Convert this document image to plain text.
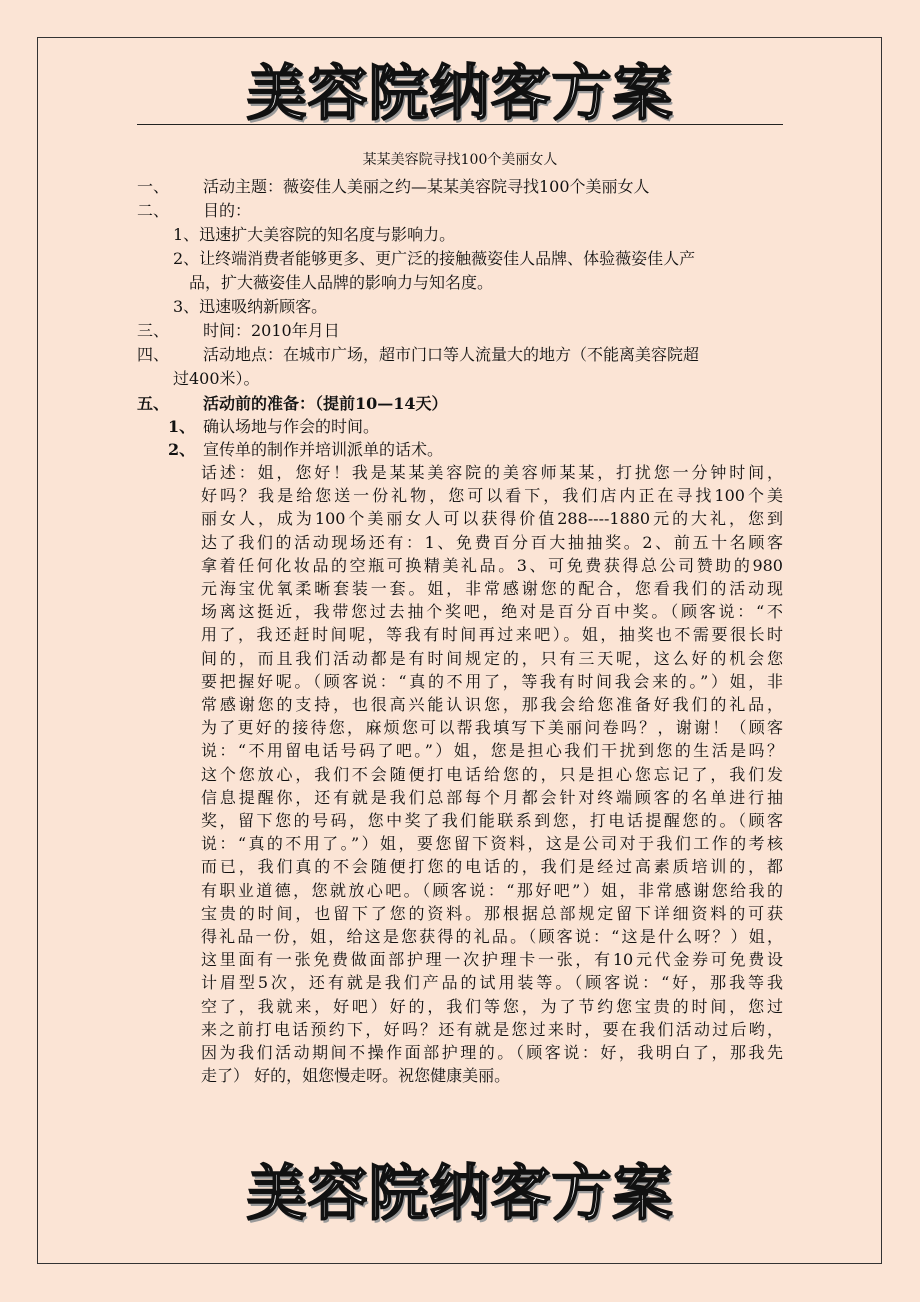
美容院纳客方案
某某美容院寻找100个美丽女人
一、 活动主题：薇姿佳人美丽之约—某某美容院寻找100个美丽女人
二、 目的：
1、迅速扩大美容院的知名度与影响力。
2、让终端消费者能够更多、更广泛的接触薇姿佳人品牌、体验薇姿佳人产
品，扩大薇姿佳人品牌的影响力与知名度。
3、迅速吸纳新顾客。
三、 时间：2010年月日
四、 活动地点：在城市广场，超市门口等人流量大的地方（不能离美容院超
过400米）。
五、 活动前的准备：（提前10—14天）
1、 确认场地与作会的时间。
2、 宣传单的制作并培训派单的话术。
话述：姐，您好！我是某某美容院的美容师某某，打扰您一分钟时间，
好吗？我是给您送一份礼物，您可以看下，我们店内正在寻找100个美
丽女人，成为100个美丽女人可以获得价值288----1880元的大礼，您到
达了我们的活动现场还有：1、免费百分百大抽抽奖。2、前五十名顾客
拿着任何化妆品的空瓶可换精美礼品。3、可免费获得总公司赞助的980
元海宝优氧柔晰套装一套。姐，非常感谢您的配合，您看我们的活动现
场离这挺近，我带您过去抽个奖吧，绝对是百分百中奖。（顾客说：“不
用了，我还赶时间呢，等我有时间再过来吧）。姐，抽奖也不需要很长时
间的，而且我们活动都是有时间规定的，只有三天呢，这么好的机会您
要把握好呢。（顾客说：“真的不用了，等我有时间我会来的。”）姐，非
常感谢您的支持，也很高兴能认识您，那我会给您准备好我们的礼品，
为了更好的接待您，麻烦您可以帮我填写下美丽问卷吗？，谢谢！（顾客
说：“不用留电话号码了吧。”）姐，您是担心我们干扰到您的生活是吗？
这个您放心，我们不会随便打电话给您的，只是担心您忘记了，我们发
信息提醒你，还有就是我们总部每个月都会针对终端顾客的名单进行抽
奖，留下您的号码，您中奖了我们能联系到您，打电话提醒您的。（顾客
说：“真的不用了。”）姐，要您留下资料，这是公司对于我们工作的考核
而已，我们真的不会随便打您的电话的，我们是经过高素质培训的，都
有职业道德，您就放心吧。（顾客说：“那好吧”）姐，非常感谢您给我的
宝贵的时间，也留下了您的资料。那根据总部规定留下详细资料的可获
得礼品一份，姐，给这是您获得的礼品。（顾客说：“这是什么呀？）姐，
这里面有一张免费做面部护理一次护理卡一张，有10元代金券可免费设
计眉型5次，还有就是我们产品的试用装等。（顾客说：“好，那我等我
空了，我就来，好吧）好的，我们等您，为了节约您宝贵的时间，您过
来之前打电话预约下，好吗？还有就是您过来时，要在我们活动过后哟，
因为我们活动期间不操作面部护理的。（顾客说：好，我明白了，那我先
走了） 好的，姐您慢走呀。祝您健康美丽。
美容院纳客方案
